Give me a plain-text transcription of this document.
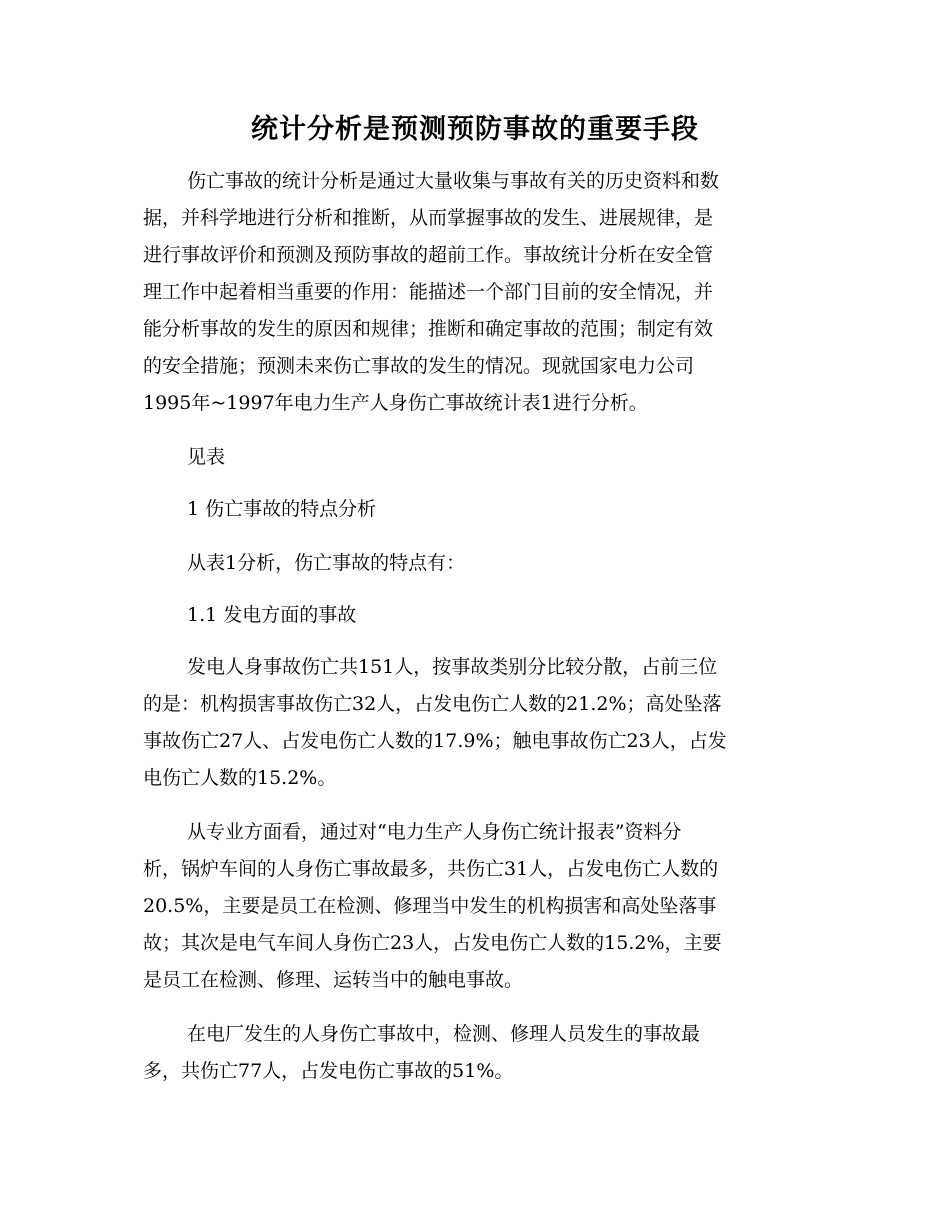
统计分析是预测预防事故的重要手段
伤亡事故的统计分析是通过大量收集与事故有关的历史资料和数
据，并科学地进行分析和推断，从而掌握事故的发生、进展规律，是
进行事故评价和预测及预防事故的超前工作。事故统计分析在安全管
理工作中起着相当重要的作用：能描述一个部门目前的安全情况，并
能分析事故的发生的原因和规律；推断和确定事故的范围；制定有效
的安全措施；预测未来伤亡事故的发生的情况。现就国家电力公司
1995年~1997年电力生产人身伤亡事故统计表1进行分析。
见表
1 伤亡事故的特点分析
从表1分析，伤亡事故的特点有：
1.1 发电方面的事故
发电人身事故伤亡共151人，按事故类别分比较分散，占前三位
的是：机构损害事故伤亡32人，占发电伤亡人数的21.2%；高处坠落
事故伤亡27人、占发电伤亡人数的17.9%；触电事故伤亡23人，占发
电伤亡人数的15.2%。
从专业方面看，通过对“电力生产人身伤亡统计报表”资料分
析，锅炉车间的人身伤亡事故最多，共伤亡31人，占发电伤亡人数的
20.5%，主要是员工在检测、修理当中发生的机构损害和高处坠落事
故；其次是电气车间人身伤亡23人，占发电伤亡人数的15.2%，主要
是员工在检测、修理、运转当中的触电事故。
在电厂发生的人身伤亡事故中，检测、修理人员发生的事故最
多，共伤亡77人，占发电伤亡事故的51%。
